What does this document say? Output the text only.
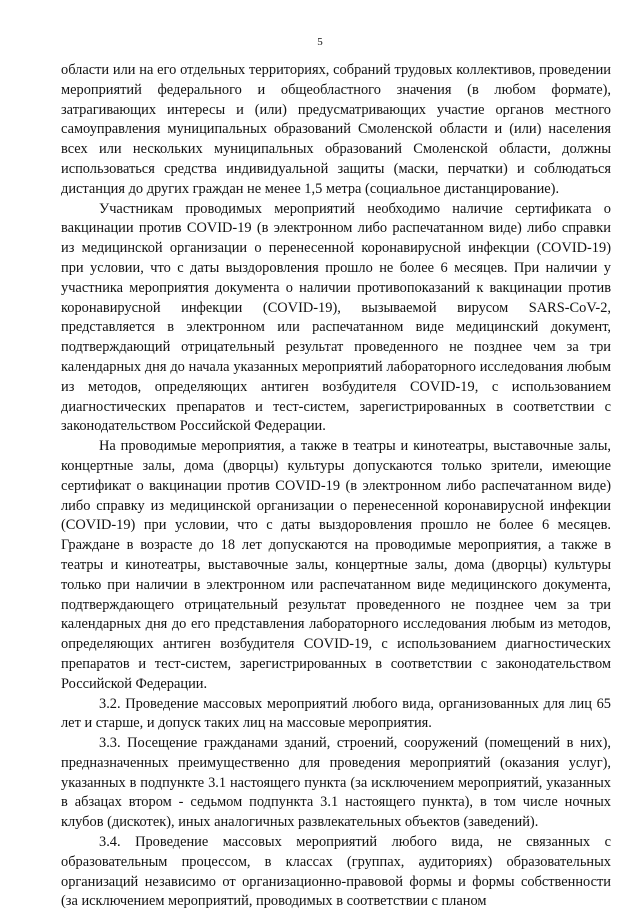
5

области или на его отдельных территориях, собраний трудовых коллективов, проведении мероприятий федерального и общеобластного значения (в любом формате), затрагивающих интересы и (или) предусматривающих участие органов местного самоуправления муниципальных образований Смоленской области и (или) населения всех или нескольких муниципальных образований Смоленской области, должны использоваться средства индивидуальной защиты (маски, перчатки) и соблюдаться дистанция до других граждан не менее 1,5 метра (социальное дистанцирование).

Участникам проводимых мероприятий необходимо наличие сертификата о вакцинации против COVID-19 (в электронном либо распечатанном виде) либо справки из медицинской организации о перенесенной коронавирусной инфекции (COVID-19) при условии, что с даты выздоровления прошло не более 6 месяцев. При наличии у участника мероприятия документа о наличии противопоказаний к вакцинации против коронавирусной инфекции (COVID-19), вызываемой вирусом SARS-CoV-2, представляется в электронном или распечатанном виде медицинский документ, подтверждающий отрицательный результат проведенного не позднее чем за три календарных дня до начала указанных мероприятий лабораторного исследования любым из методов, определяющих антиген возбудителя COVID-19, с использованием диагностических препаратов и тест-систем, зарегистрированных в соответствии с законодательством Российской Федерации.

На проводимые мероприятия, а также в театры и кинотеатры, выставочные залы, концертные залы, дома (дворцы) культуры допускаются только зрители, имеющие сертификат о вакцинации против COVID-19 (в электронном либо распечатанном виде) либо справку из медицинской организации о перенесенной коронавирусной инфекции (COVID-19) при условии, что с даты выздоровления прошло не более 6 месяцев. Граждане в возрасте до 18 лет допускаются на проводимые мероприятия, а также в театры и кинотеатры, выставочные залы, концертные залы, дома (дворцы) культуры только при наличии в электронном или распечатанном виде медицинского документа, подтверждающего отрицательный результат проведенного не позднее чем за три календарных дня до его представления лабораторного исследования любым из методов, определяющих антиген возбудителя COVID-19, с использованием диагностических препаратов и тест-систем, зарегистрированных в соответствии с законодательством Российской Федерации.

3.2. Проведение массовых мероприятий любого вида, организованных для лиц 65 лет и старше, и допуск таких лиц на массовые мероприятия.

3.3. Посещение гражданами зданий, строений, сооружений (помещений в них), предназначенных преимущественно для проведения мероприятий (оказания услуг), указанных в подпункте 3.1 настоящего пункта (за исключением мероприятий, указанных в абзацах втором - седьмом подпункта 3.1 настоящего пункта), в том числе ночных клубов (дискотек), иных аналогичных развлекательных объектов (заведений).

3.4. Проведение массовых мероприятий любого вида, не связанных с образовательным процессом, в классах (группах, аудиториях) образовательных организаций независимо от организационно-правовой формы и формы собственности (за исключением мероприятий, проводимых в соответствии с планом
